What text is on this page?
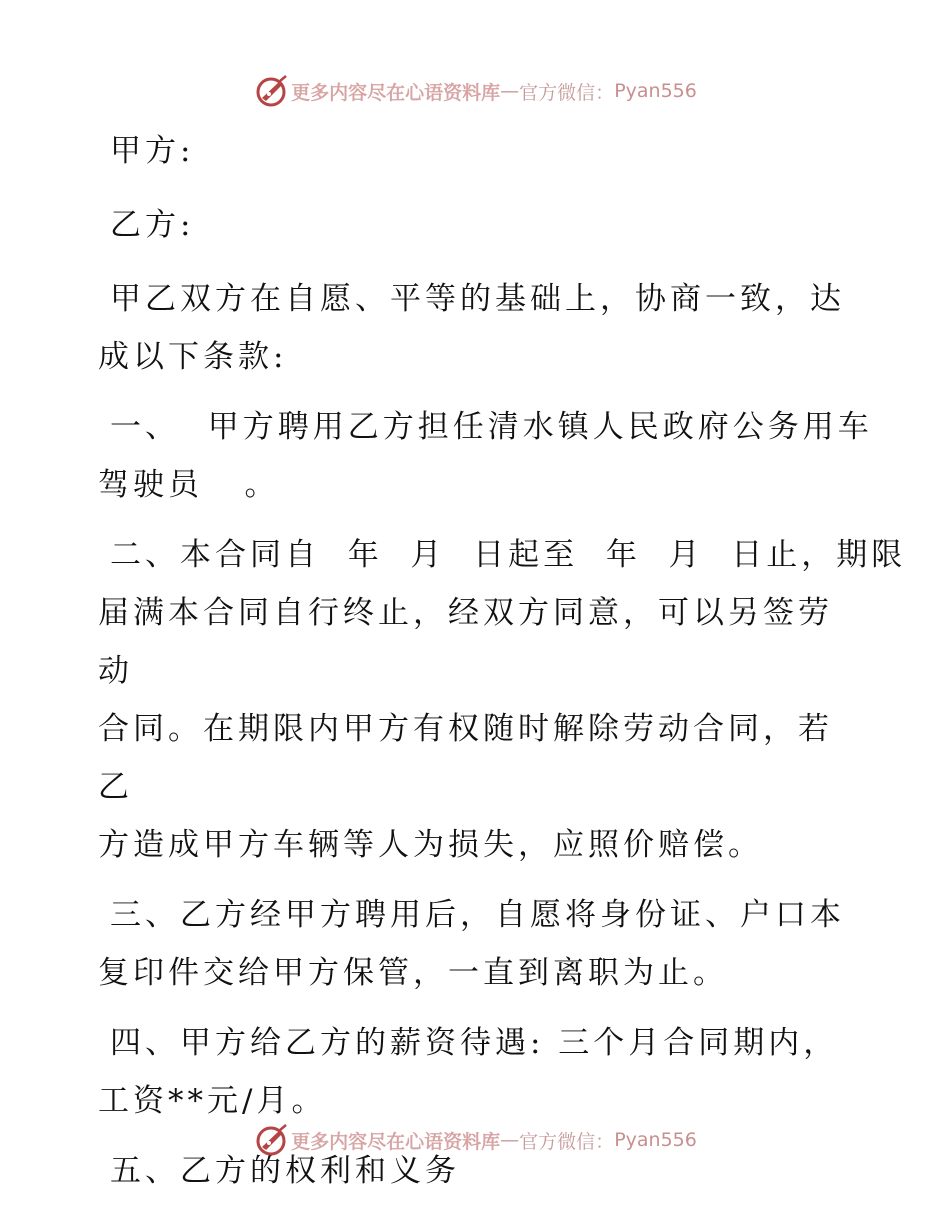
更多内容尽在心语资料库 — 官方微信： Pyan556
甲方:
乙方:
甲乙双方在自愿、平等的基础上，协商一致，达
成以下条款:
一、  甲方聘用乙方担任清水镇人民政府公务用车
驾驶员   。
二、本合同自  年  月  日起至  年  月  日止，期限
届满本合同自行终止，经双方同意，可以另签劳动
合同。在期限内甲方有权随时解除劳动合同，若乙
方造成甲方车辆等人为损失，应照价赔偿。
三、乙方经甲方聘用后，自愿将身份证、户口本
复印件交给甲方保管，一直到离职为止。
四、甲方给乙方的薪资待遇: 三个月合同期内，
工资**元/月。
五、乙方的权利和义务
更多内容尽在心语资料库 — 官方微信： Pyan556
